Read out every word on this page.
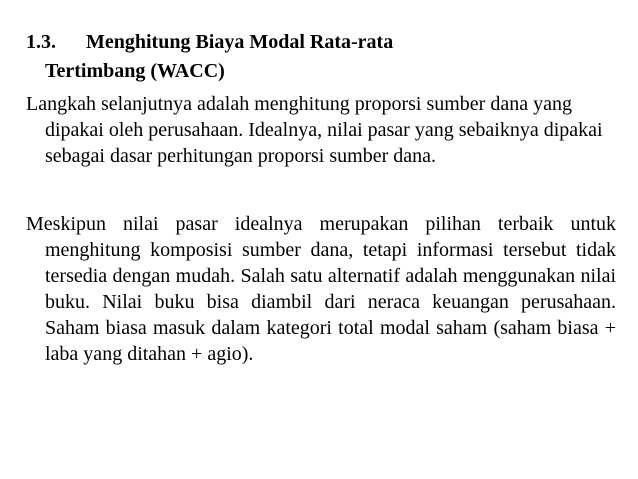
1.3. Menghitung Biaya Modal Rata-rata
Tertimbang (WACC)

Langkah selanjutnya adalah menghitung proporsi sumber dana yang dipakai oleh perusahaan. Idealnya, nilai pasar yang sebaiknya dipakai sebagai dasar perhitungan proporsi sumber dana.

Meskipun nilai pasar idealnya merupakan pilihan terbaik untuk menghitung komposisi sumber dana, tetapi informasi tersebut tidak tersedia dengan mudah. Salah satu alternatif adalah menggunakan nilai buku. Nilai buku bisa diambil dari neraca keuangan perusahaan. Saham biasa masuk dalam kategori total modal saham (saham biasa + laba yang ditahan + agio).
